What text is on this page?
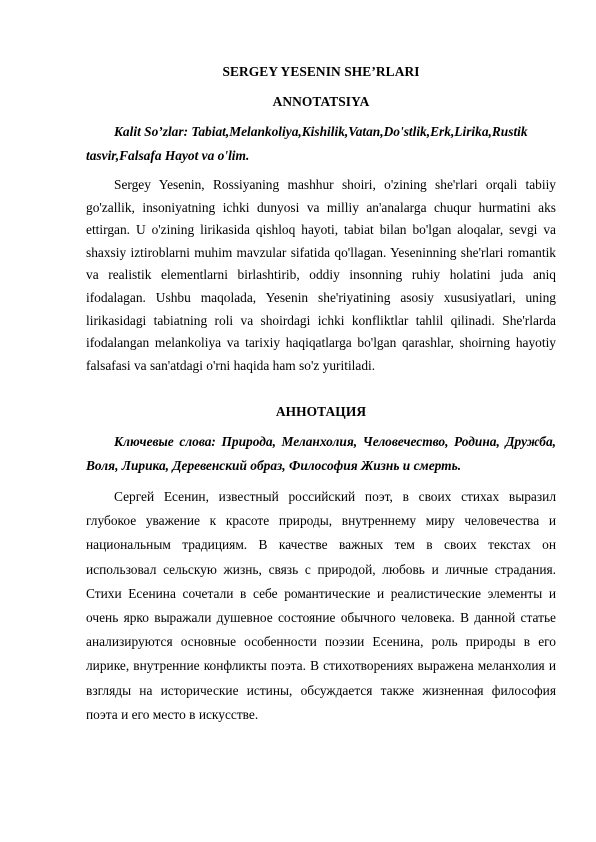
SERGEY YESENIN SHE’RLARI

ANNOTATSIYA

Kalit So’zlar: Tabiat,Melankoliya,Kishilik,Vatan,Do'stlik,Erk,Lirika,Rustik tasvir,Falsafa Hayot va o'lim.

Sergey Yesenin, Rossiyaning mashhur shoiri, o'zining she'rlari orqali tabiiy go'zallik, insoniyatning ichki dunyosi va milliy an'analarga chuqur hurmatini aks ettirgan. U o'zining lirikasida qishloq hayoti, tabiat bilan bo'lgan aloqalar, sevgi va shaxsiy iztiroblarni muhim mavzular sifatida qo'llagan. Yeseninning she'rlari romantik va realistik elementlarni birlashtirib, oddiy insonning ruhiy holatini juda aniq ifodalagan. Ushbu maqolada, Yesenin she'riyatining asosiy xususiyatlari, uning lirikasidagi tabiatning roli va shoirdagi ichki konfliktlar tahlil qilinadi. She'rlarda ifodalangan melankoliya va tarixiy haqiqatlarga bo'lgan qarashlar, shoirning hayotiy falsafasi va san'atdagi o'rni haqida ham so'z yuritiladi.

АННОТАЦИЯ

Ключевые слова: Природа, Меланхолия, Человечество, Родина, Дружба, Воля, Лирика, Деревенский образ, Философия Жизнь и смерть.

Сергей Есенин, известный российский поэт, в своих стихах выразил глубокое уважение к красоте природы, внутреннему миру человечества и национальным традициям. В качестве важных тем в своих текстах он использовал сельскую жизнь, связь с природой, любовь и личные страдания. Стихи Есенина сочетали в себе романтические и реалистические элементы и очень ярко выражали душевное состояние обычного человека. В данной статье анализируются основные особенности поэзии Есенина, роль природы в его лирике, внутренние конфликты поэта. В стихотворениях выражена меланхолия и взгляды на исторические истины, обсуждается также жизненная философия поэта и его место в искусстве.
